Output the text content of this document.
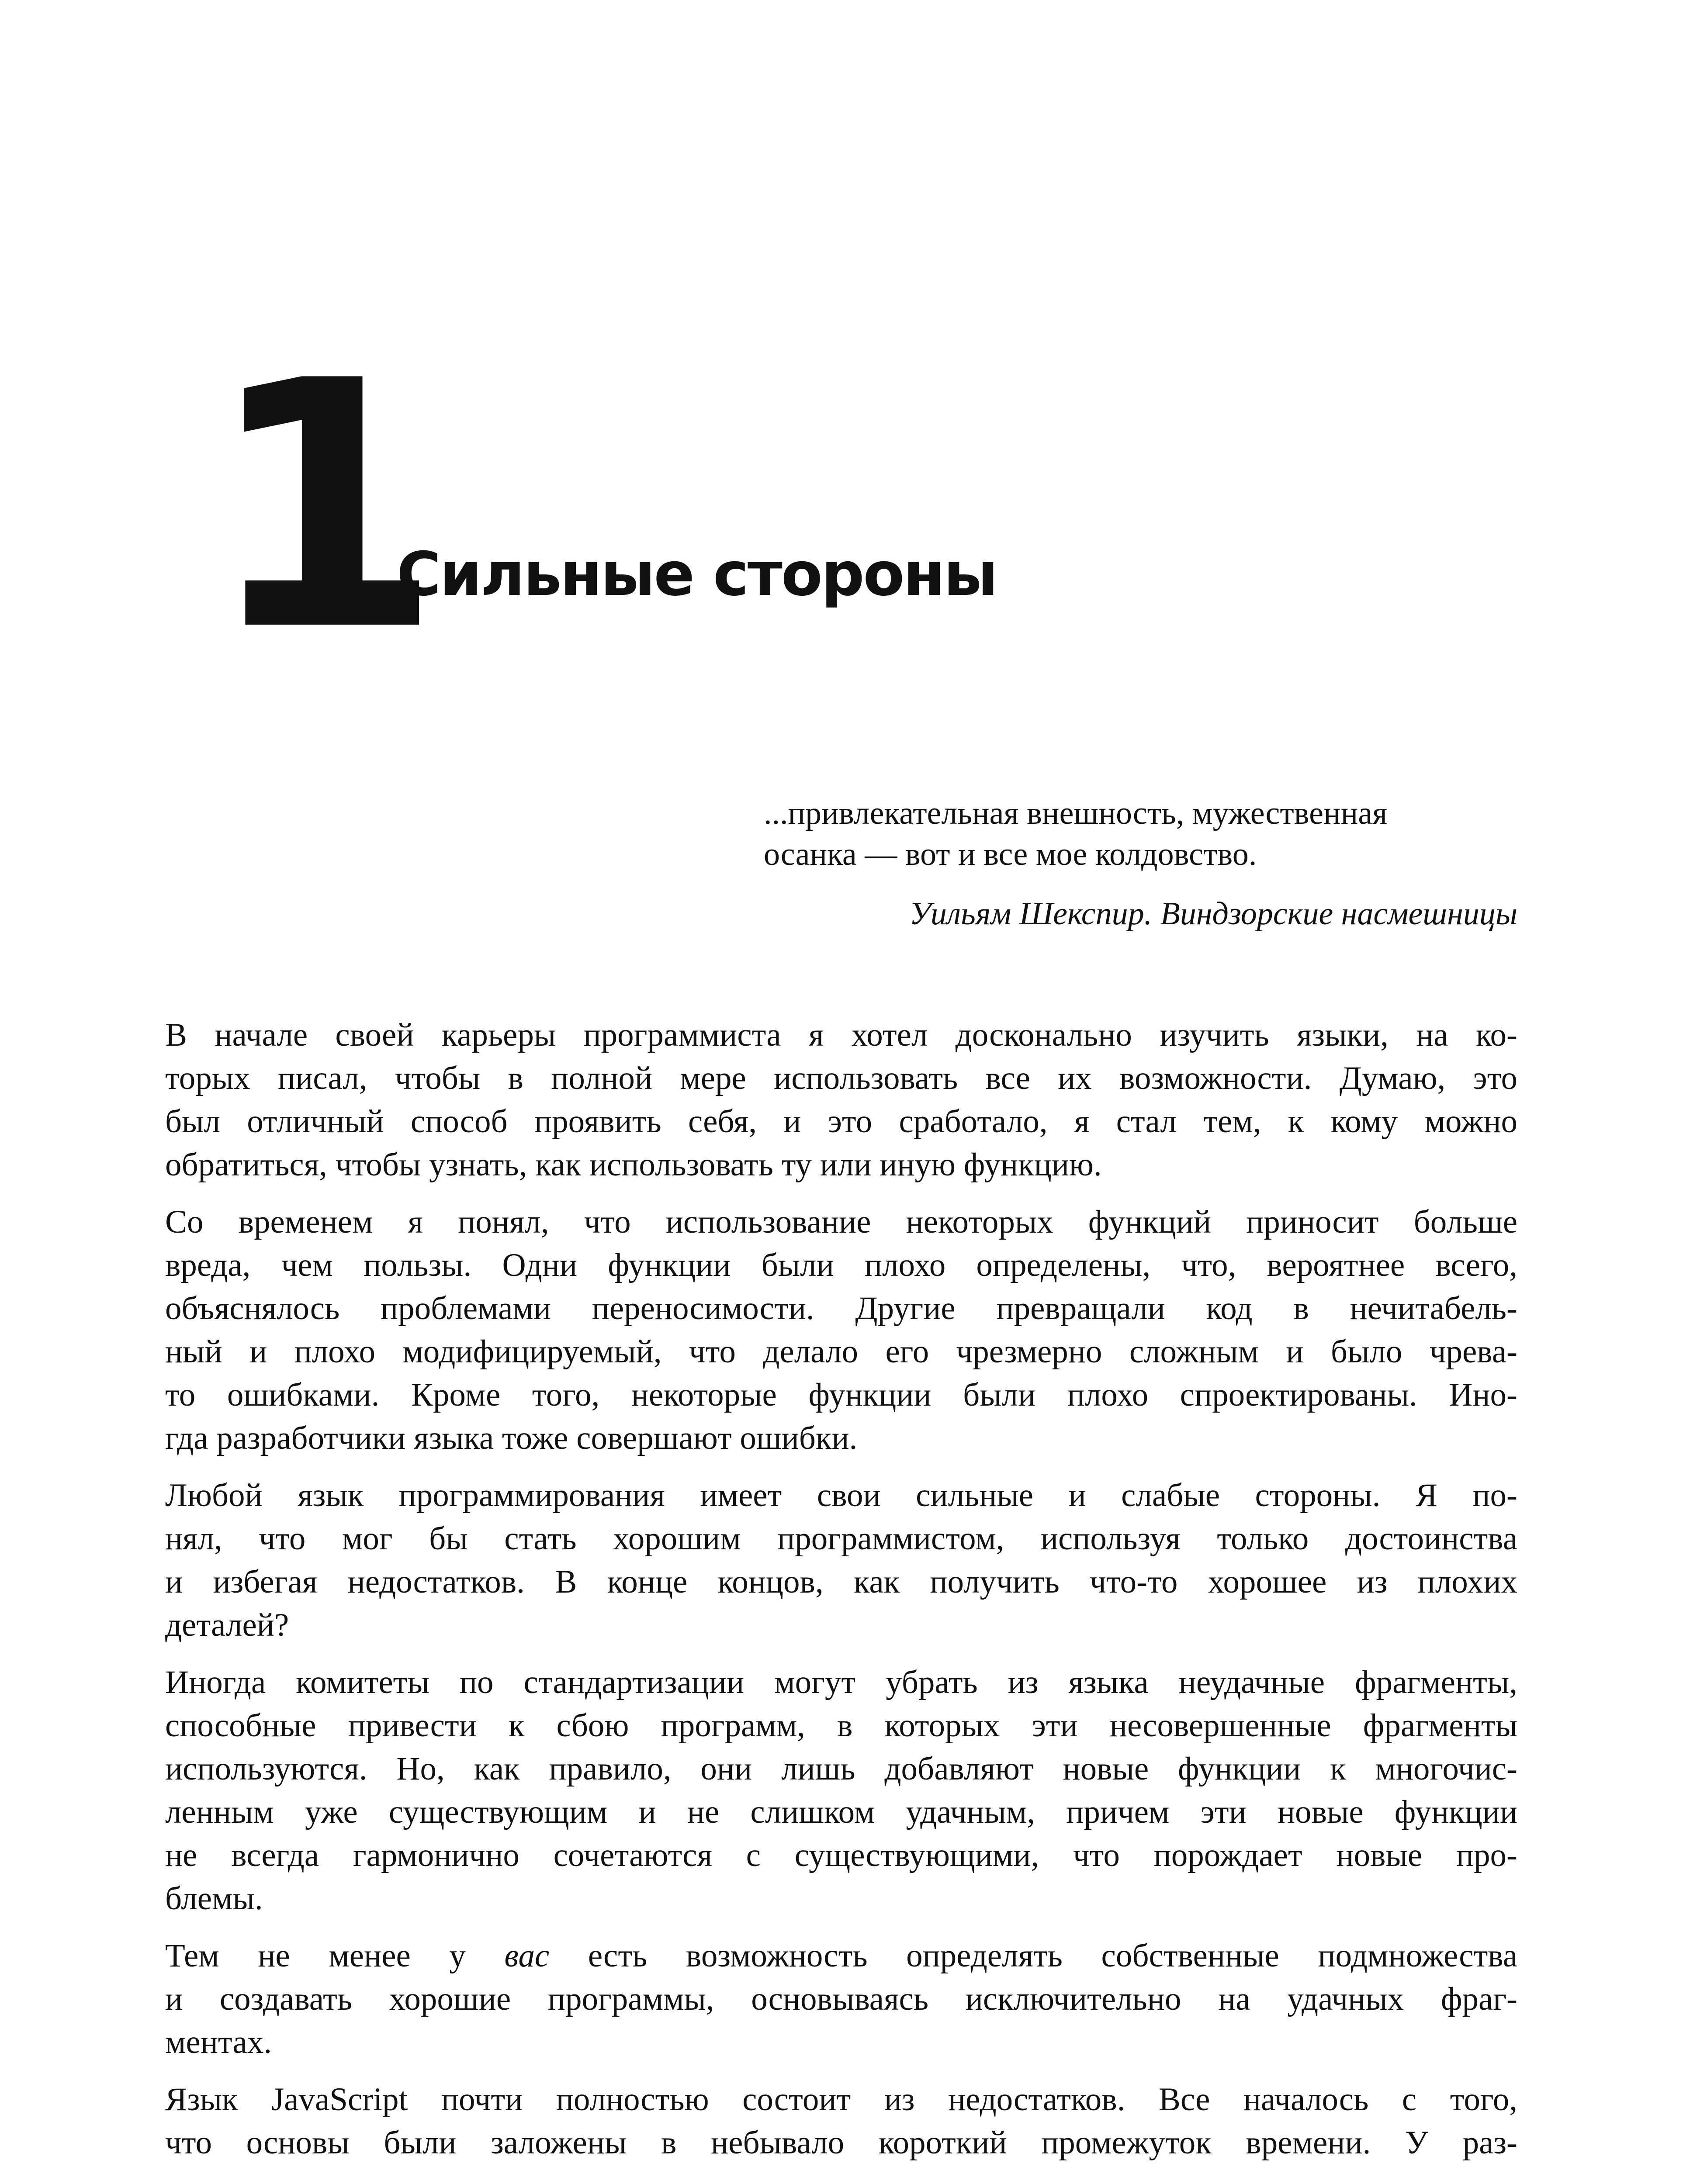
1
Сильные стороны
...привлекательная внешность, мужественная
осанка — вот и все мое колдовство.
Уильям Шекспир. Виндзорские насмешницы
В начале своей карьеры программиста я хотел досконально изучить языки, на ко-
торых писал, чтобы в полной мере использовать все их возможности. Думаю, это
был отличный способ проявить себя, и это сработало, я стал тем, к кому можно
обратиться, чтобы узнать, как использовать ту или иную функцию.
Со временем я понял, что использование некоторых функций приносит больше
вреда, чем пользы. Одни функции были плохо определены, что, вероятнее всего,
объяснялось проблемами переносимости. Другие превращали код в нечитабель-
ный и плохо модифицируемый, что делало его чрезмерно сложным и было чрева-
то ошибками. Кроме того, некоторые функции были плохо спроектированы. Ино-
гда разработчики языка тоже совершают ошибки.
Любой язык программирования имеет свои сильные и слабые стороны. Я по-
нял, что мог бы стать хорошим программистом, используя только достоинства
и избегая недостатков. В конце концов, как получить что-то хорошее из плохих
деталей?
Иногда комитеты по стандартизации могут убрать из языка неудачные фрагменты,
способные привести к сбою программ, в которых эти несовершенные фрагменты
используются. Но, как правило, они лишь добавляют новые функции к многочис-
ленным уже существующим и не слишком удачным, причем эти новые функции
не всегда гармонично сочетаются с существующими, что порождает новые про-
блемы.
Тем не менее у вас есть возможность определять собственные подмножества
и создавать хорошие программы, основываясь исключительно на удачных фраг-
ментах.
Язык JavaScript почти полностью состоит из недостатков. Все началось с того,
что основы были заложены в небывало короткий промежуток времени. У раз-
